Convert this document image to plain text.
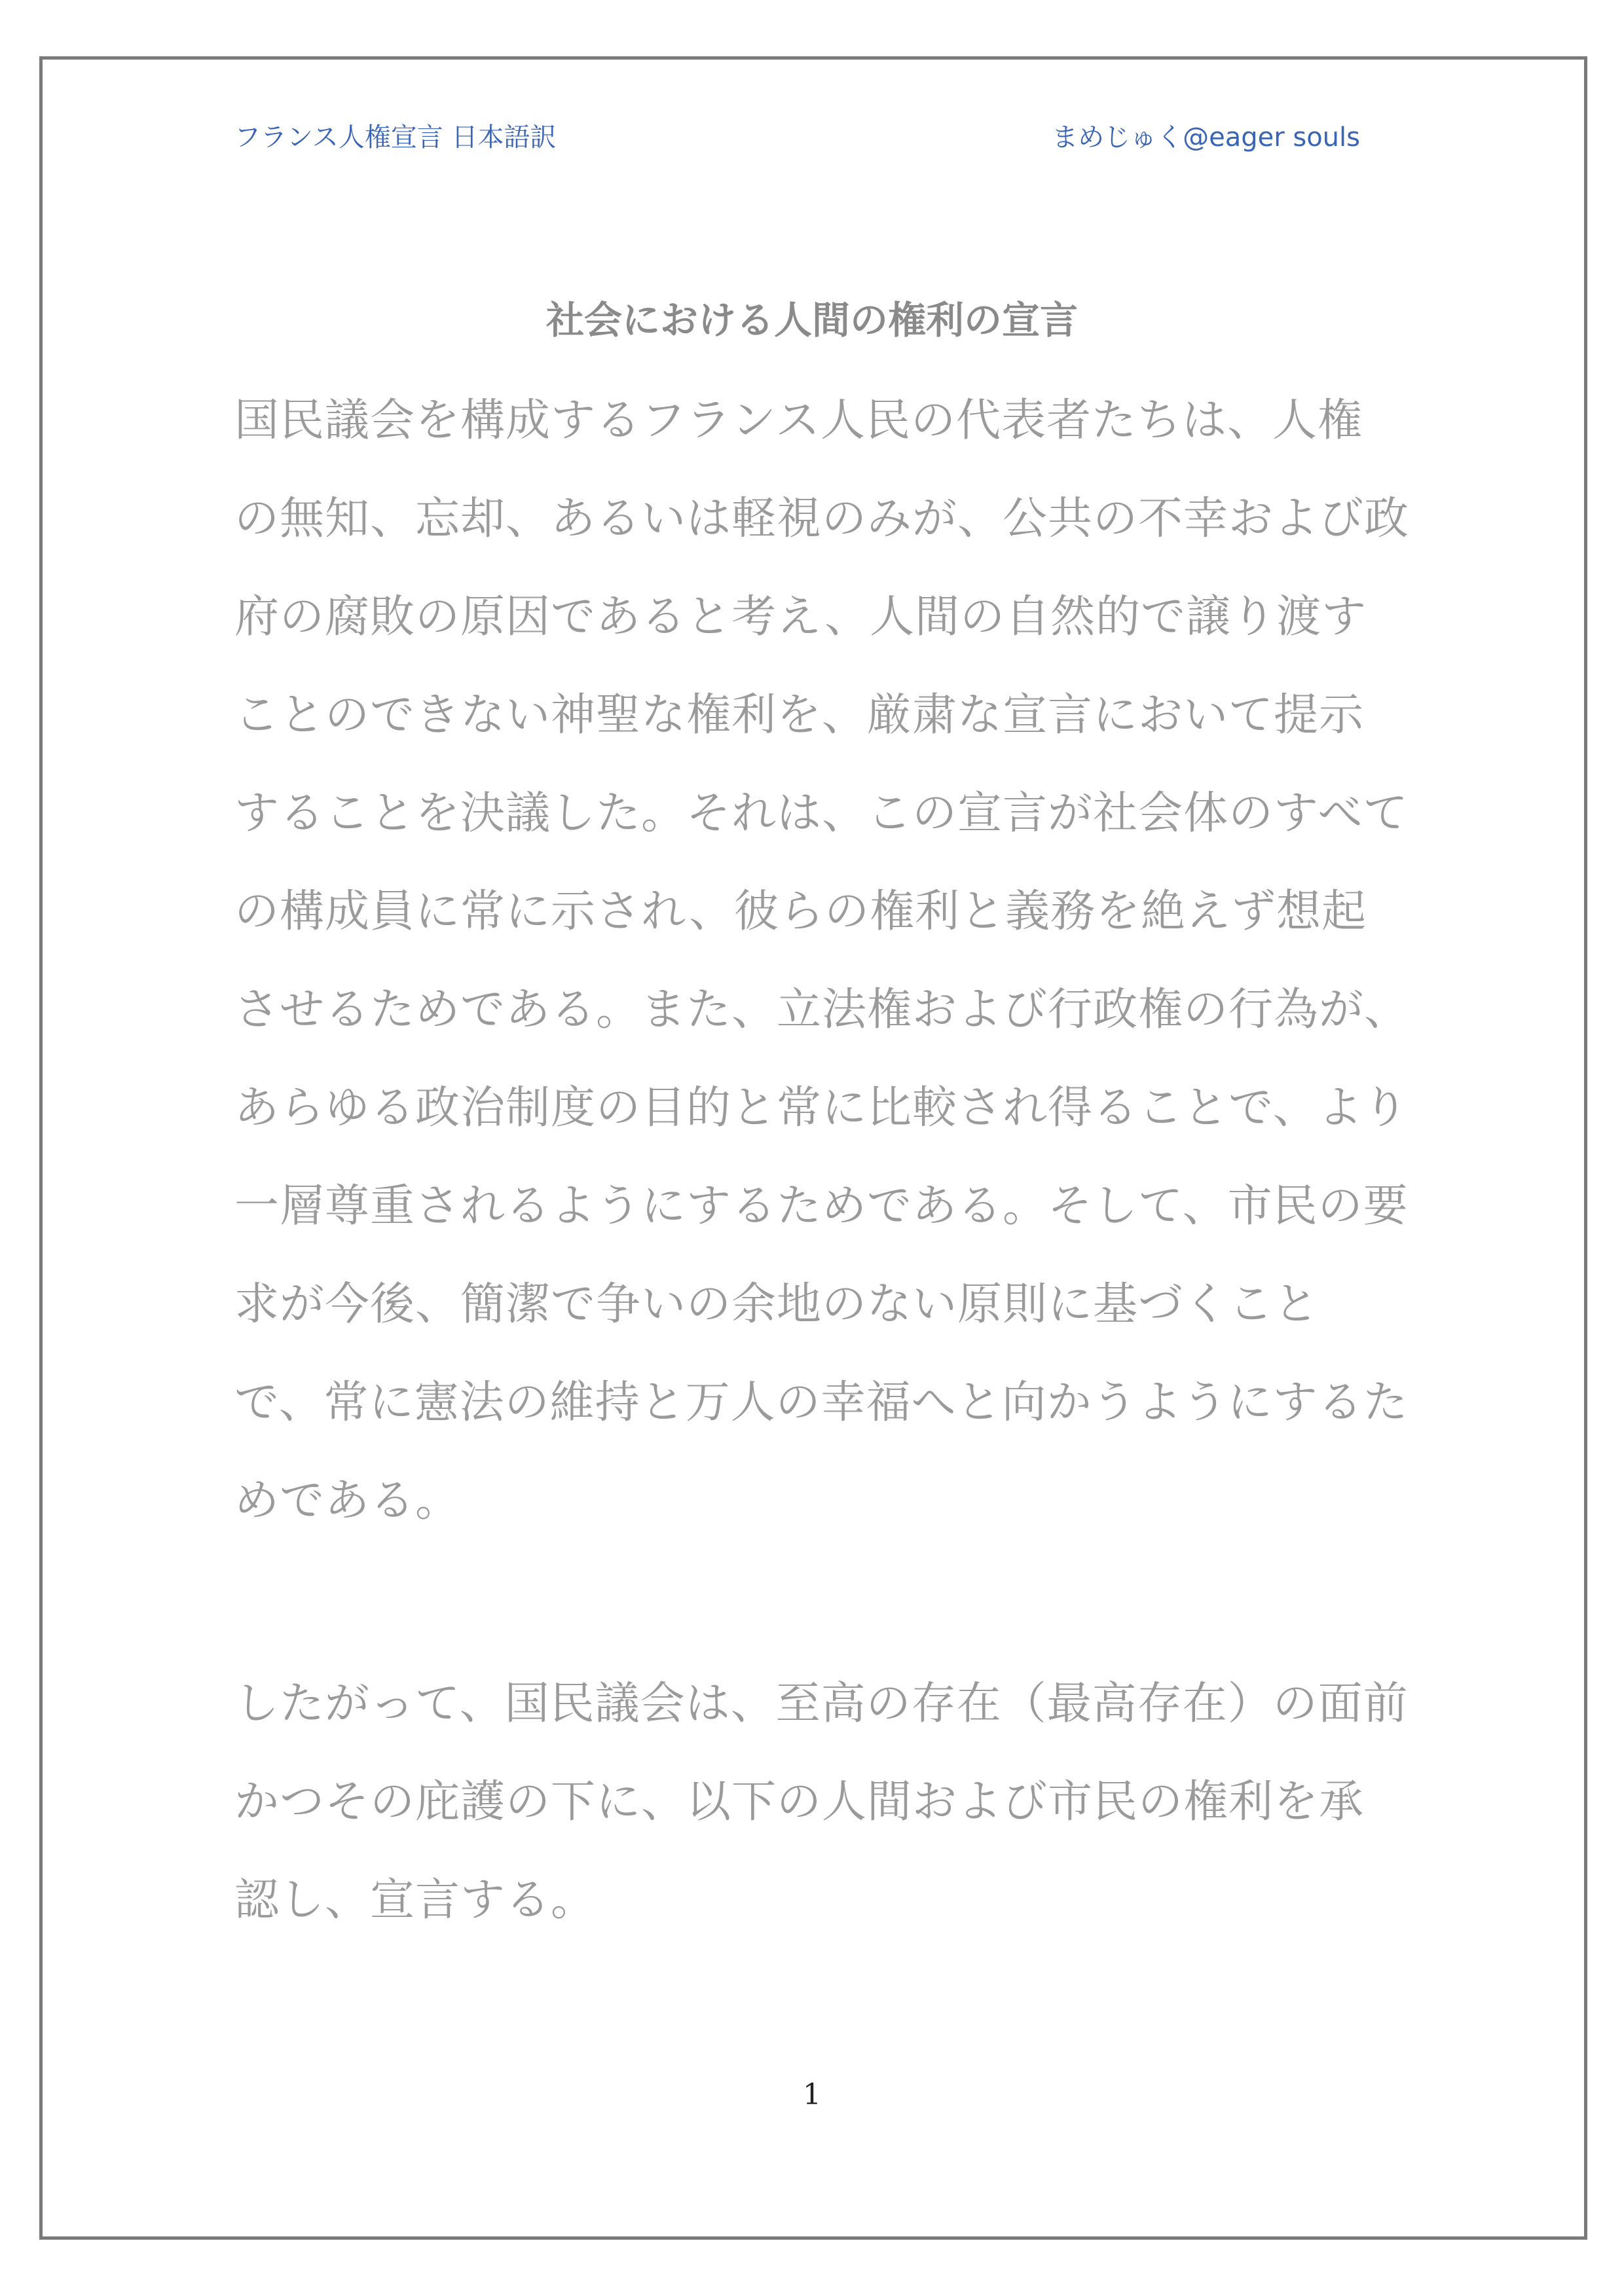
フランス人権宣言 日本語訳	まめじゅく@eager souls
社会における人間の権利の宣言
国民議会を構成するフランス人民の代表者たちは、人権
の無知、忘却、あるいは軽視のみが、公共の不幸および政
府の腐敗の原因であると考え、人間の自然的で譲り渡す
ことのできない神聖な権利を、厳粛な宣言において提示
することを決議した。それは、この宣言が社会体のすべて
の構成員に常に示され、彼らの権利と義務を絶えず想起
させるためである。また、立法権および行政権の行為が、
あらゆる政治制度の目的と常に比較され得ることで、より
一層尊重されるようにするためである。そして、市民の要
求が今後、簡潔で争いの余地のない原則に基づくこと
で、常に憲法の維持と万人の幸福へと向かうようにするた
めである。
したがって、国民議会は、至高の存在（最高存在）の面前
かつその庇護の下に、以下の人間および市民の権利を承
認し、宣言する。
1
